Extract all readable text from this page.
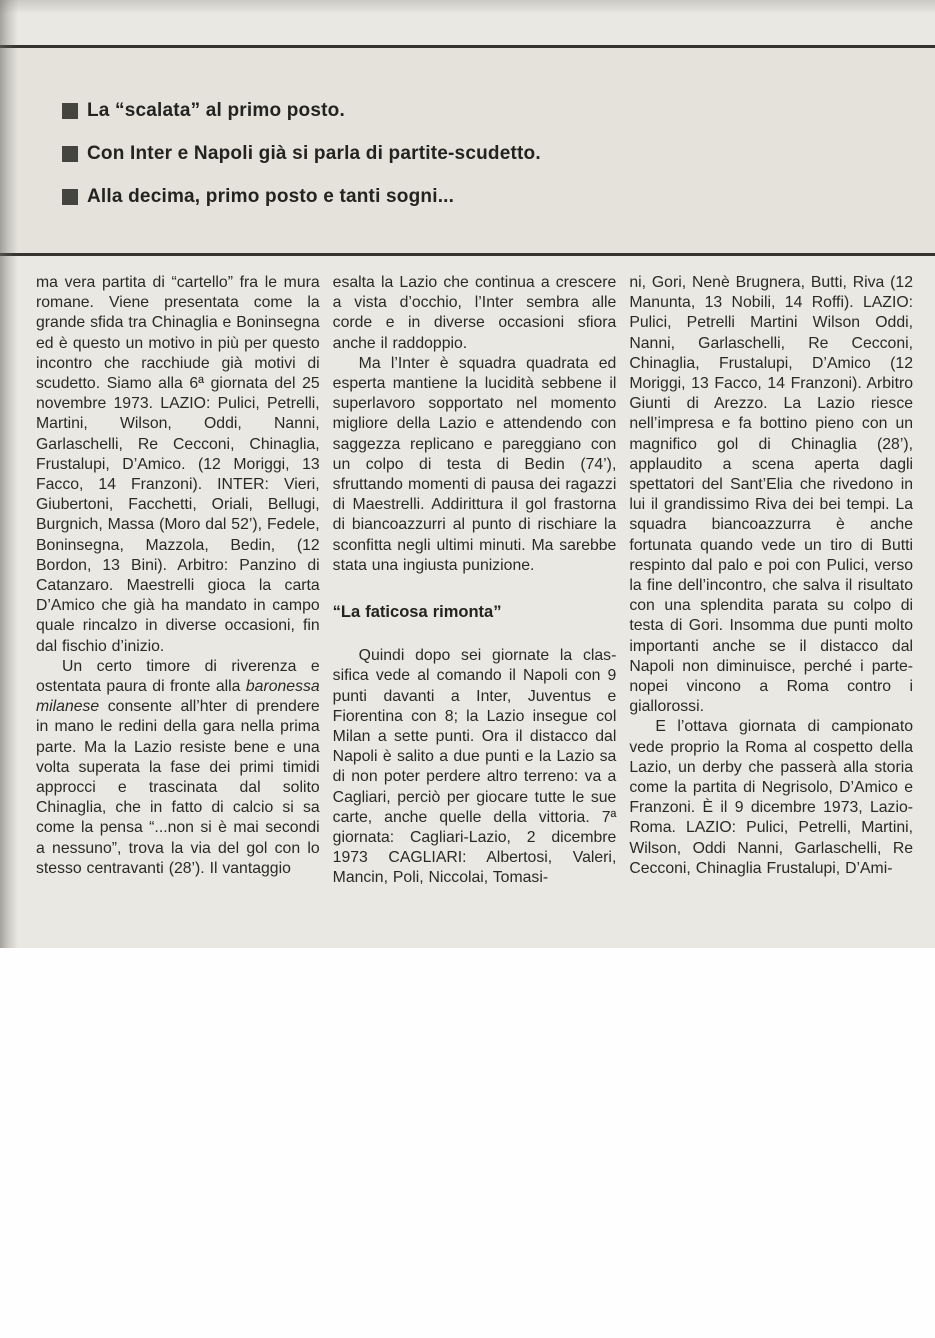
La “scalata” al primo posto.
Con Inter e Napoli già si parla di partite-scudetto.
Alla decima, primo posto e tanti sogni...

ma vera partita di “cartello” fra le mura romane. Viene presentata come la grande sfida tra Chinaglia e Boninsegna ed è questo un motivo in più per questo incontro che racchiude già motivi di scudetto. Siamo alla 6ª giornata del 25 novembre 1973. LAZIO: Pulici, Petrelli, Martini, Wilson, Oddi, Nanni, Garlaschelli, Re Cecconi, Chinaglia, Frustalupi, D’Amico. (12 Moriggi, 13 Facco, 14 Franzoni). INTER: Vieri, Giubertoni, Facchetti, Oriali, Bellugi, Burgnich, Massa (Moro dal 52’), Fedele, Boninsegna, Mazzola, Bedin, (12 Bordon, 13 Bini). Arbitro: Panzino di Catanzaro. Maestrelli gioca la carta D’Amico che già ha mandato in campo quale rincalzo in diverse occasioni, fin dal fischio d’inizio.

Un certo timore di riverenza e ostentata paura di fronte alla baronessa milanese consente all’hter di prendere in mano le redini della gara nella prima parte. Ma la Lazio resiste bene e una volta superata la fase dei primi timidi approcci e trascinata dal solito Chinaglia, che in fatto di calcio si sa come la pensa “...non si è mai secondi a nessuno”, trova la via del gol con lo stesso centravanti (28’). Il vantaggio

esalta la Lazio che continua a crescere a vista d’occhio, l’Inter sembra alle corde e in diverse occasioni sfiora anche il raddoppio.

Ma l’Inter è squadra quadrata ed esperta mantiene la lucidità sebbene il superlavoro sopportato nel momento migliore della Lazio e attendendo con saggezza replicano e pareggiano con un colpo di testa di Bedin (74’), sfruttando momenti di pausa dei ragazzi di Maestrelli. Addirittura il gol frastorna di biancoazzurri al punto di rischiare la sconfitta negli ultimi minuti. Ma sarebbe stata una ingiusta punizione.

“La faticosa rimonta”

Quindi dopo sei giornate la classifica vede al comando il Napoli con 9 punti davanti a Inter, Juventus e Fiorentina con 8; la Lazio insegue col Milan a sette punti. Ora il distacco dal Napoli è salito a due punti e la Lazio sa di non poter perdere altro terreno: va a Cagliari, perciò per giocare tutte le sue carte, anche quelle della vittoria. 7ª giornata: Cagliari-Lazio, 2 dicembre 1973 CAGLIARI: Albertosi, Valeri, Mancin, Poli, Niccolai, Tomasi-

ni, Gori, Nenè Brugnera, Butti, Riva (12 Manunta, 13 Nobili, 14 Roffi). LAZIO: Pulici, Petrelli Martini Wilson Oddi, Nanni, Garlaschelli, Re Cecconi, Chinaglia, Frustalupi, D’Amico (12 Moriggi, 13 Facco, 14 Franzoni). Arbitro Giunti di Arezzo. La Lazio riesce nell’impresa e fa bottino pieno con un magnifico gol di Chinaglia (28’), applaudito a scena aperta dagli spettatori del Sant’Elia che rivedono in lui il grandissimo Riva dei bei tempi. La squadra biancoazzurra è anche fortunata quando vede un tiro di Butti respinto dal palo e poi con Pulici, verso la fine dell’incontro, che salva il risultato con una splendita parata su colpo di testa di Gori. Insomma due punti molto importanti anche se il distacco dal Napoli non diminuisce, perché i partenopei vincono a Roma contro i giallorossi.

E l’ottava giornata di campionato vede proprio la Roma al cospetto della Lazio, un derby che passerà alla storia come la partita di Negrisolo, D’Amico e Franzoni. È il 9 dicembre 1973, Lazio-Roma. LAZIO: Pulici, Petrelli, Martini, Wilson, Oddi Nanni, Garlaschelli, Re Cecconi, Chinaglia Frustalupi, D’Ami-
